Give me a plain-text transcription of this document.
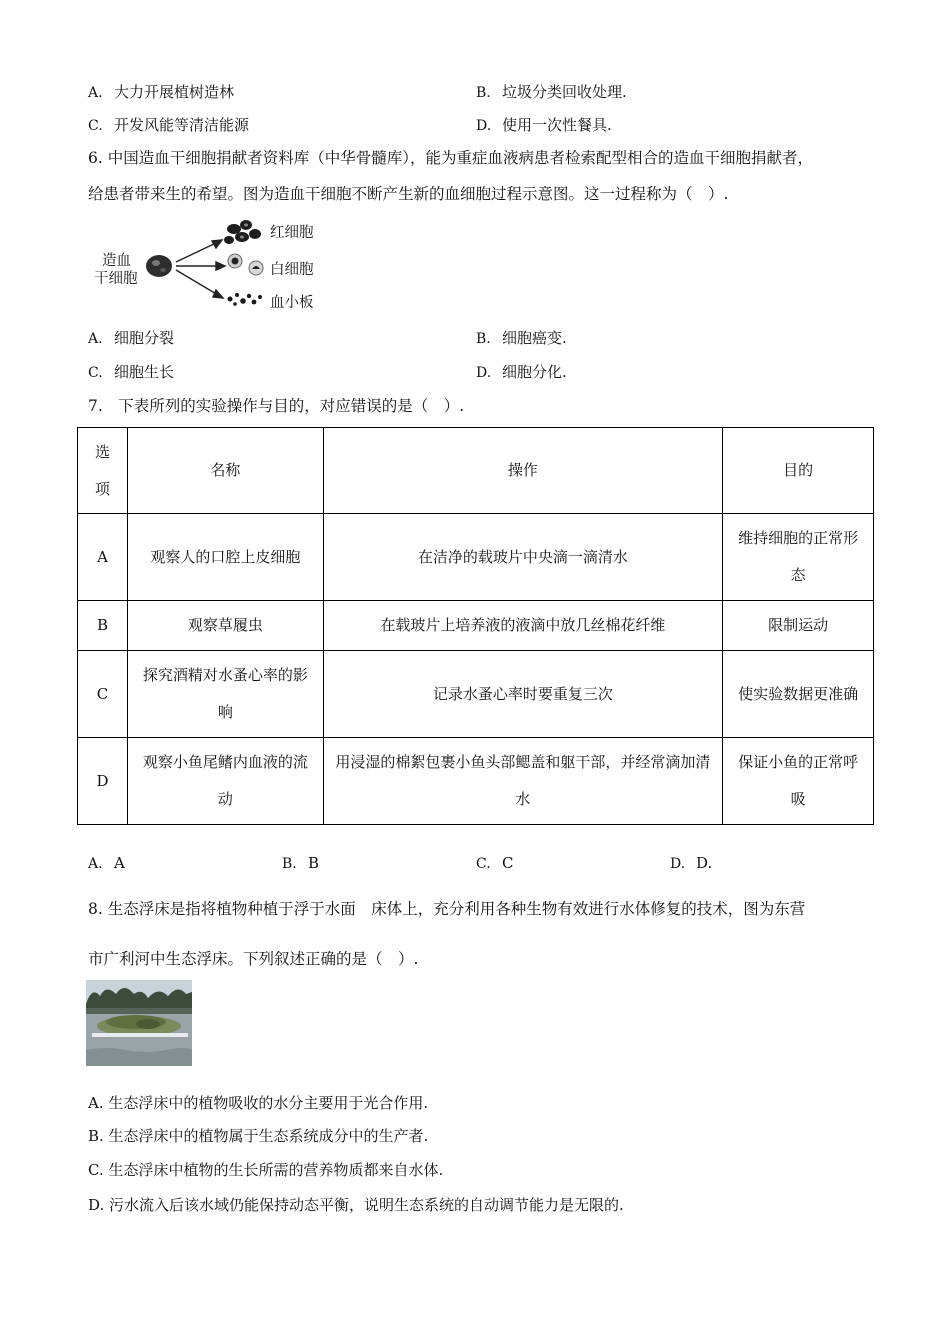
A. 大力开展植树造林	B. 垃圾分类回收处理.
C. 开发风能等清洁能源	D. 使用一次性餐具.
6. 中国造血干细胞捐献者资料库（中华骨髓库），能为重症血液病患者检索配型相合的造血干细胞捐献者，
给患者带来生的希望。图为造血干细胞不断产生新的血细胞过程示意图。这一过程称为（　）.
造血
干细胞
红细胞
白细胞
血小板
A. 细胞分裂	B. 细胞癌变.
C. 细胞生长	D. 细胞分化.
7.　下表所列的实验操作与目的，对应错误的是（　）.
选项	名称	操作	目的
A	观察人的口腔上皮细胞	在洁净的载玻片中央滴一滴清水	维持细胞的正常形态
B	观察草履虫	在载玻片上培养液的液滴中放几丝棉花纤维	限制运动
C	探究酒精对水蚤心率的影响	记录水蚤心率时要重复三次	使实验数据更准确
D	观察小鱼尾鳍内血液的流动	用浸湿的棉絮包裹小鱼头部鳃盖和躯干部，并经常滴加清水	保证小鱼的正常呼吸
A. A	B. B	C. C	D. D.
8. 生态浮床是指将植物种植于浮于水面　床体上，充分利用各种生物有效进行水体修复的技术，图为东营
市广利河中生态浮床。下列叙述正确的是（　）.
A. 生态浮床中的植物吸收的水分主要用于光合作用.
B. 生态浮床中的植物属于生态系统成分中的生产者.
C. 生态浮床中植物的生长所需的营养物质都来自水体.
D. 污水流入后该水域仍能保持动态平衡，说明生态系统的自动调节能力是无限的.
